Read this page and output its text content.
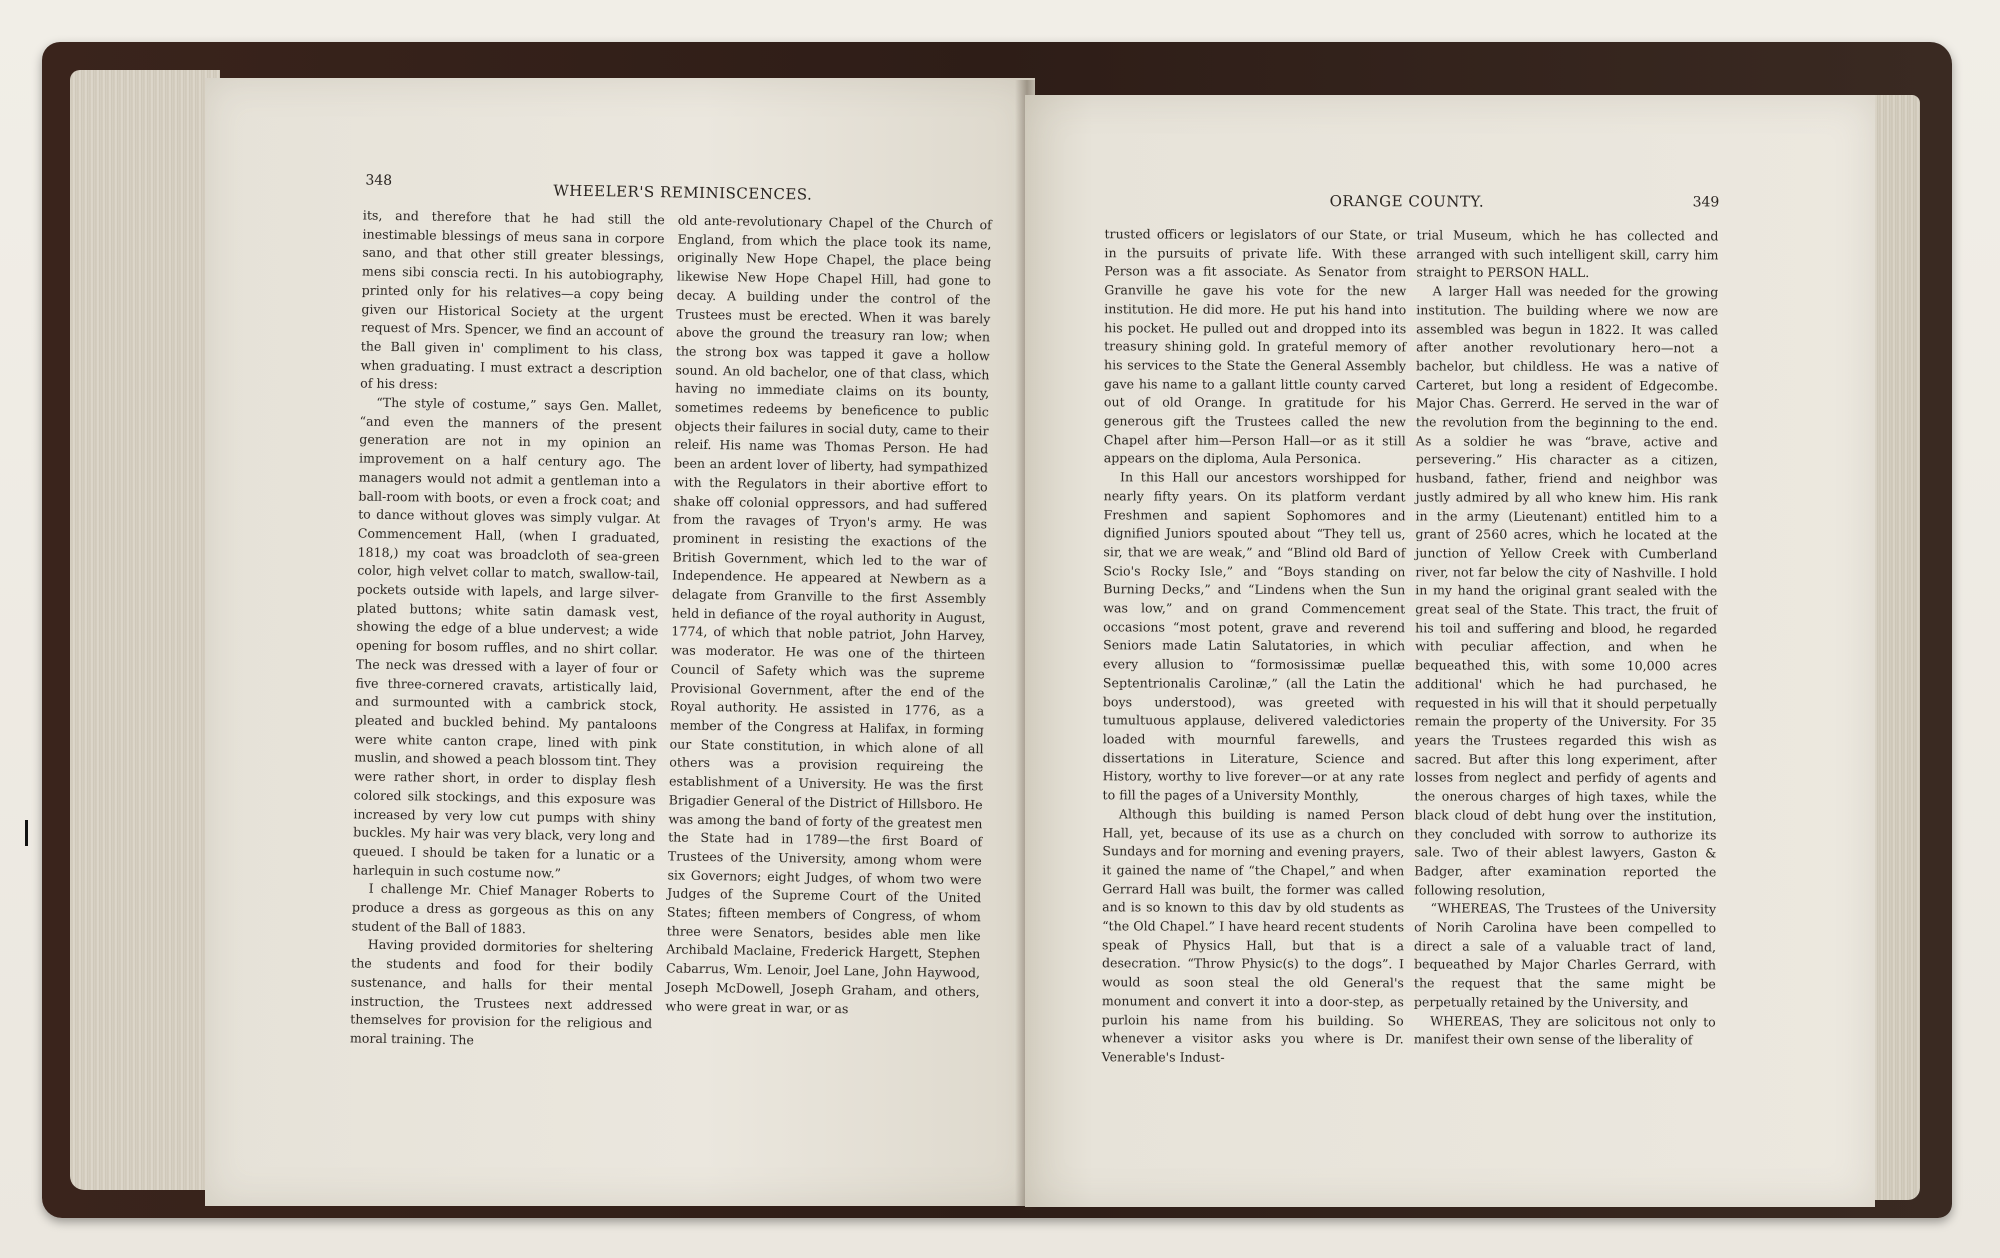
348
WHEELER'S REMINISCENCES.

its, and therefore that he had still the inestimable blessings of meus sana in corpore sano, and that other still greater blessings, mens sibi conscia recti. In his autobiography, printed only for his relatives—a copy being given our Historical Society at the urgent request of Mrs. Spencer, we find an account of the Ball given in' compliment to his class, when graduating. I must extract a description of his dress:

“The style of costume,” says Gen. Mallet, “and even the manners of the present generation are not in my opinion an improvement on a half century ago. The managers would not admit a gentleman into a ball-room with boots, or even a frock coat; and to dance without gloves was simply vulgar. At Commencement Hall, (when I graduated, 1818,) my coat was broadcloth of sea-green color, high velvet collar to match, swallow-tail, pockets outside with lapels, and large silver-plated buttons; white satin damask vest, showing the edge of a blue undervest; a wide opening for bosom ruffles, and no shirt collar. The neck was dressed with a layer of four or five three-cornered cravats, artistically laid, and surmounted with a cambrick stock, pleated and buckled behind. My pantaloons were white canton crape, lined with pink muslin, and showed a peach blossom tint. They were rather short, in order to display flesh colored silk stockings, and this exposure was increased by very low cut pumps with shiny buckles. My hair was very black, very long and queued. I should be taken for a lunatic or a harlequin in such costume now.”

I challenge Mr. Chief Manager Roberts to produce a dress as gorgeous as this on any student of the Ball of 1883.

Having provided dormitories for sheltering the students and food for their bodily sustenance, and halls for their mental instruction, the Trustees next addressed themselves for provision for the religious and moral training. The

old ante-revolutionary Chapel of the Church of England, from which the place took its name, originally New Hope Chapel, the place being likewise New Hope Chapel Hill, had gone to decay. A building under the control of the Trustees must be erected. When it was barely above the ground the treasury ran low; when the strong box was tapped it gave a hollow sound. An old bachelor, one of that class, which having no immediate claims on its bounty, sometimes redeems by beneficence to public objects their failures in social duty, came to their releif. His name was Thomas Person. He had been an ardent lover of liberty, had sympathized with the Regulators in their abortive effort to shake off colonial oppressors, and had suffered from the ravages of Tryon's army. He was prominent in resisting the exactions of the British Government, which led to the war of Independence. He appeared at Newbern as a delagate from Granville to the first Assembly held in defiance of the royal authority in August, 1774, of which that noble patriot, John Harvey, was moderator. He was one of the thirteen Council of Safety which was the supreme Provisional Government, after the end of the Royal authority. He assisted in 1776, as a member of the Congress at Halifax, in forming our State constitution, in which alone of all others was a provision requireing the establishment of a University. He was the first Brigadier General of the District of Hillsboro. He was among the band of forty of the greatest men the State had in 1789—the first Board of Trustees of the University, among whom were six Governors; eight Judges, of whom two were Judges of the Supreme Court of the United States; fifteen members of Congress, of whom three were Senators, besides able men like Archibald Maclaine, Frederick Hargett, Stephen Cabarrus, Wm. Lenoir, Joel Lane, John Haywood, Joseph McDowell, Joseph Graham, and others, who were great in war, or as

ORANGE COUNTY.	349

trusted officers or legislators of our State, or in the pursuits of private life. With these Person was a fit associate. As Senator from Granville he gave his vote for the new institution. He did more. He put his hand into his pocket. He pulled out and dropped into its treasury shining gold. In grateful memory of his services to the State the General Assembly gave his name to a gallant little county carved out of old Orange. In gratitude for his generous gift the Trustees called the new Chapel after him—Person Hall—or as it still appears on the diploma, Aula Personica.

In this Hall our ancestors worshipped for nearly fifty years. On its platform verdant Freshmen and sapient Sophomores and dignified Juniors spouted about “They tell us, sir, that we are weak,” and “Blind old Bard of Scio's Rocky Isle,” and “Boys standing on Burning Decks,” and “Lindens when the Sun was low,” and on grand Commencement occasions “most potent, grave and reverend Seniors made Latin Salutatories, in which every allusion to “formosissimæ puellæ Septentrionalis Carolinæ,” (all the Latin the boys understood), was greeted with tumultuous applause, delivered valedictories loaded with mournful farewells, and dissertations in Literature, Science and History, worthy to live forever—or at any rate to fill the pages of a University Monthly,

Although this building is named Person Hall, yet, because of its use as a church on Sundays and for morning and evening prayers, it gained the name of “the Chapel,” and when Gerrard Hall was built, the former was called and is so known to this dav by old students as “the Old Chapel.” I have heard recent students speak of Physics Hall, but that is a desecration. “Throw Physic(s) to the dogs”. I would as soon steal the old General's monument and convert it into a door-step, as purloin his name from his building. So whenever a visitor asks you where is Dr. Venerable's Indust-

trial Museum, which he has collected and arranged with such intelligent skill, carry him straight to PERSON HALL.

A larger Hall was needed for the growing institution. The building where we now are assembled was begun in 1822. It was called after another revolutionary hero—not a bachelor, but childless. He was a native of Carteret, but long a resident of Edgecombe. Major Chas. Gerrerd. He served in the war of the revolution from the beginning to the end. As a soldier he was “brave, active and persevering.” His character as a citizen, husband, father, friend and neighbor was justly admired by all who knew him. His rank in the army (Lieutenant) entitled him to a grant of 2560 acres, which he located at the junction of Yellow Creek with Cumberland river, not far below the city of Nashville. I hold in my hand the original grant sealed with the great seal of the State. This tract, the fruit of his toil and suffering and blood, he regarded with peculiar affection, and when he bequeathed this, with some 10,000 acres additional' which he had purchased, he requested in his will that it should perpetually remain the property of the University. For 35 years the Trustees regarded this wish as sacred. But after this long experiment, after losses from neglect and perfidy of agents and the onerous charges of high taxes, while the black cloud of debt hung over the institution, they concluded with sorrow to authorize its sale. Two of their ablest lawyers, Gaston & Badger, after examination reported the following resolution,

“WHEREAS, The Trustees of the University of Norih Carolina have been compelled to direct a sale of a valuable tract of land, bequeathed by Major Charles Gerrard, with the request that the same might be perpetually retained by the University, and

WHEREAS, They are solicitous not only to manifest their own sense of the liberality of
